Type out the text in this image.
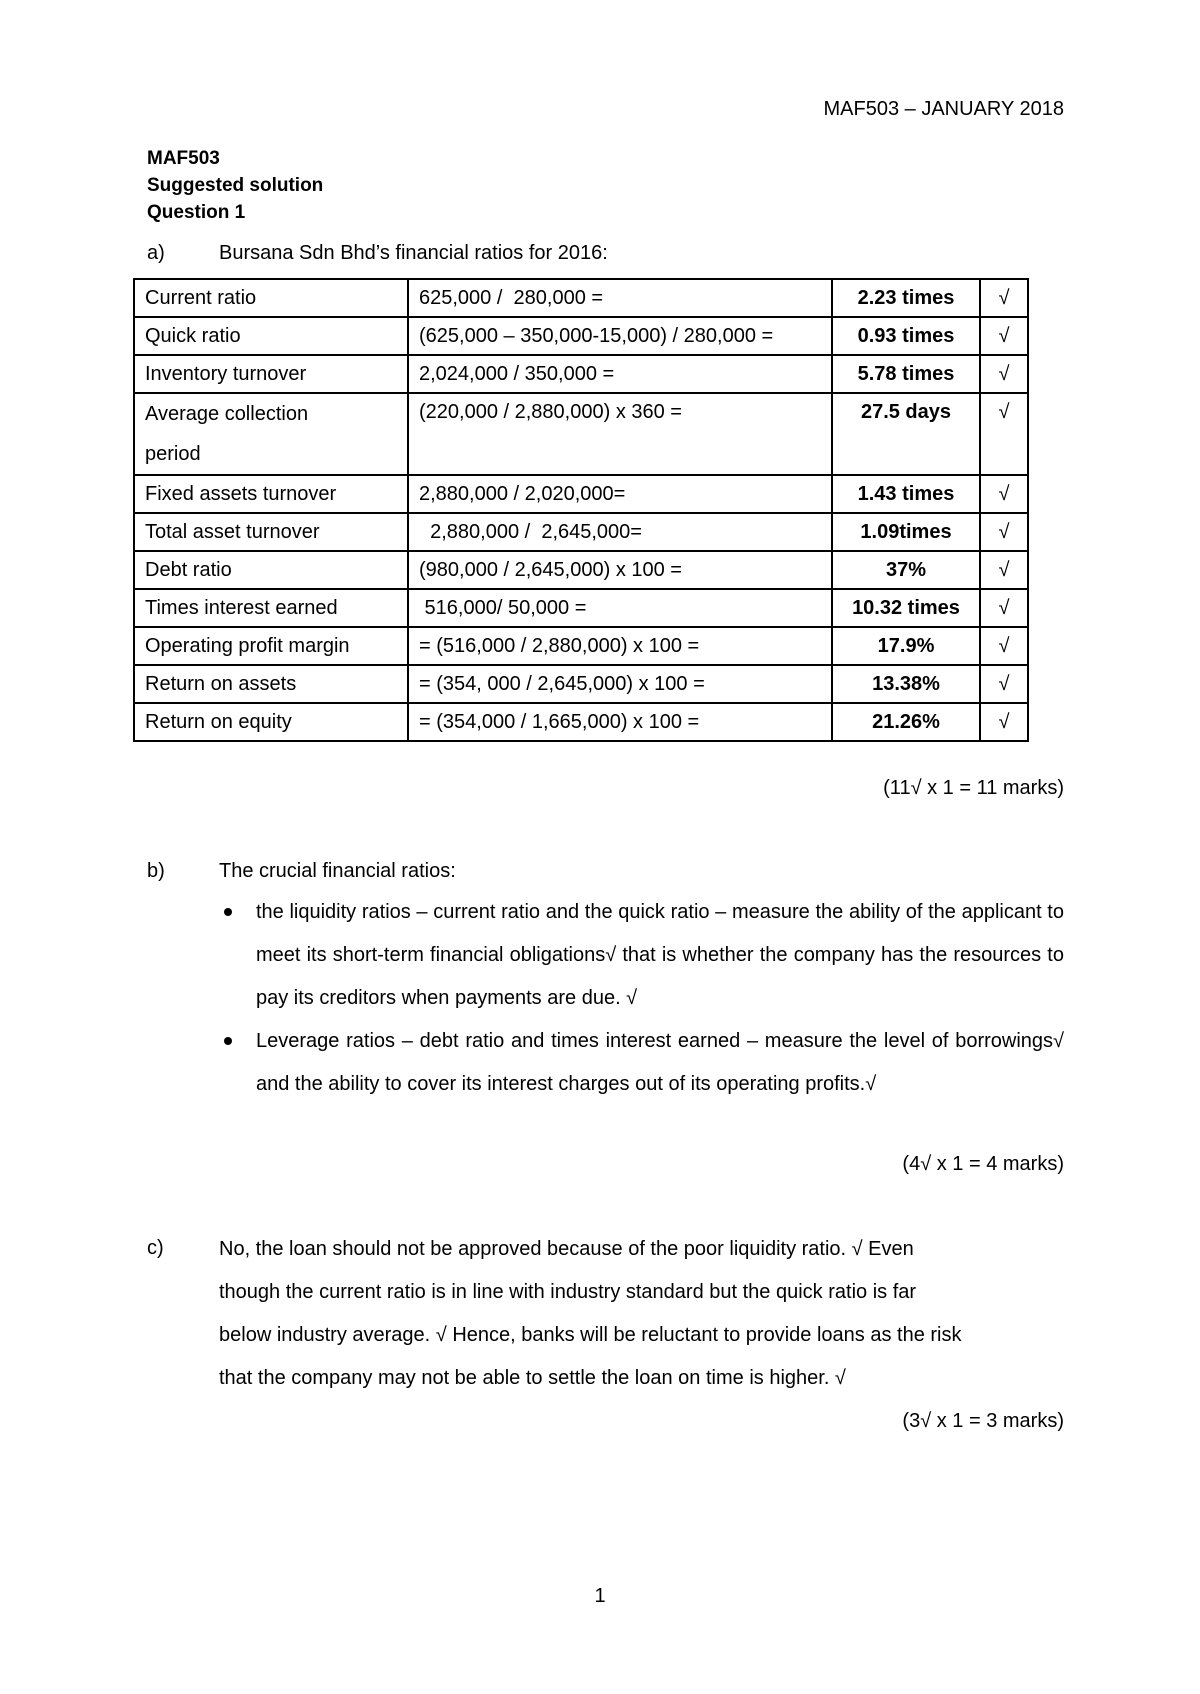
MAF503 – JANUARY 2018
MAF503
Suggested solution
Question 1
a)	Bursana Sdn Bhd’s financial ratios for 2016:
Current ratio	625,000 /  280,000 =	2.23 times	√
Quick ratio	(625,000 – 350,000-15,000) / 280,000 =	0.93 times	√
Inventory turnover	2,024,000 / 350,000 =	5.78 times	√

Average collection
period	(220,000 / 2,880,000) x 360 =	27.5 days	√
Fixed assets turnover	2,880,000 / 2,020,000=	1.43 times	√
Total asset turnover	2,880,000 /  2,645,000=	1.09times	√
Debt ratio	(980,000 / 2,645,000) x 100 =	37%	√
Times interest earned	516,000/ 50,000 =	10.32 times	√
Operating profit margin	= (516,000 / 2,880,000) x 100 =	17.9%	√
Return on assets	= (354, 000 / 2,645,000) x 100 =	13.38%	√
Return on equity	= (354,000 / 1,665,000) x 100 =	21.26%	√
(11√ x 1 = 11 marks)
b)	The crucial financial ratios:
the liquidity ratios – current ratio and the quick ratio – measure the ability of the applicant to meet its short-term financial obligations√ that is whether the company has the resources to pay its creditors when payments are due. √
Leverage ratios – debt ratio and times interest earned – measure the level of borrowings√ and the ability to cover its interest charges out of its operating profits.√
(4√ x 1 = 4 marks)
c)	No, the loan should not be approved because of the poor liquidity ratio. √ Even
though the current ratio is in line with industry standard but the quick ratio is far
below industry average. √ Hence, banks will be reluctant to provide loans as the risk
that the company may not be able to settle the loan on time is higher. √
(3√ x 1 = 3 marks)
1
